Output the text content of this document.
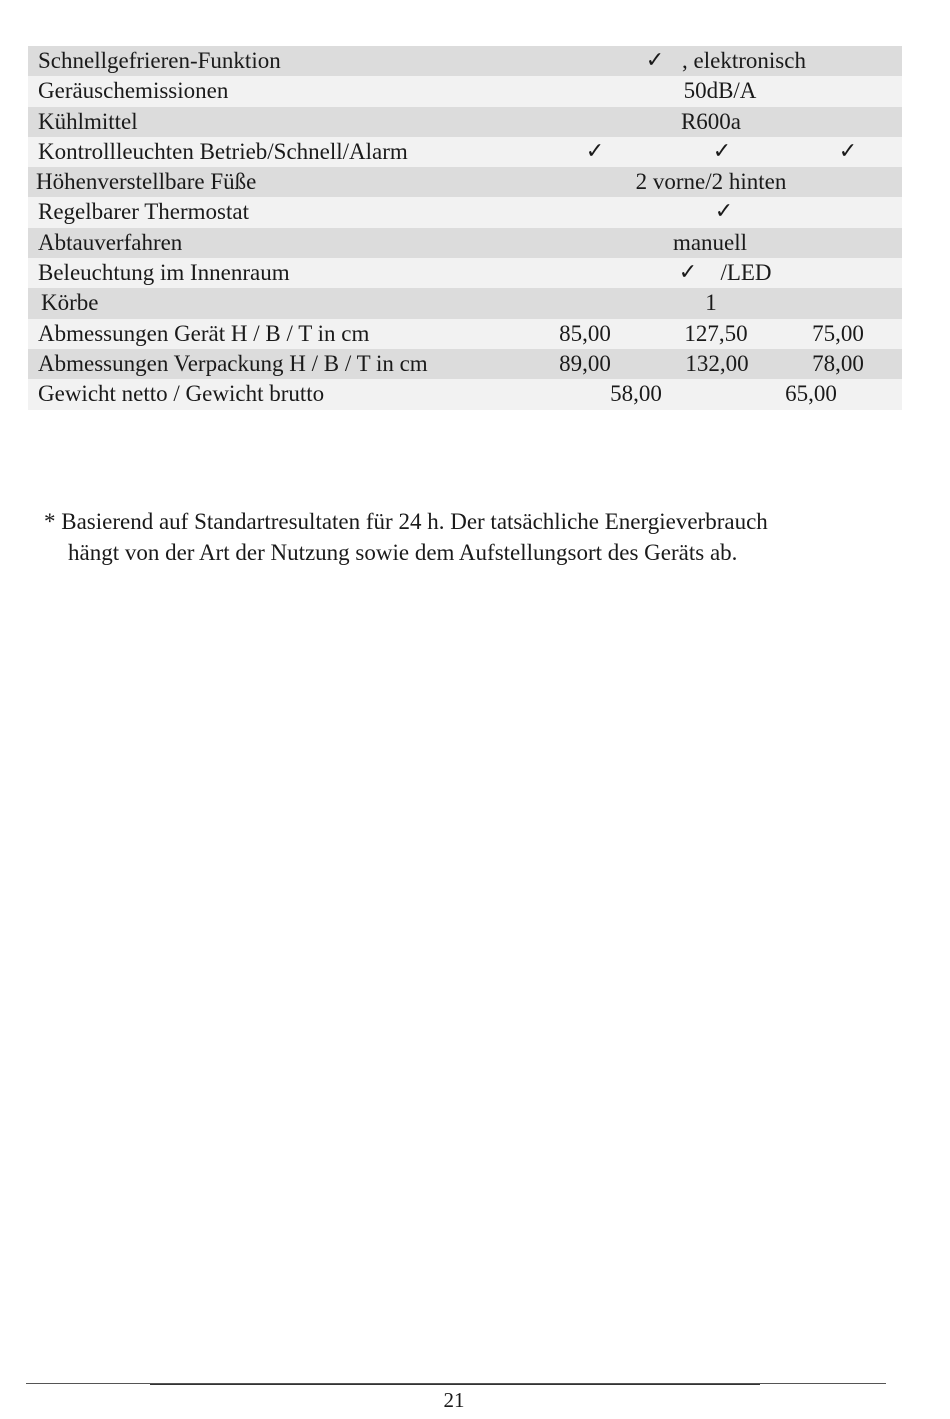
Schnellgefrieren-Funktion	✓ , elektronisch
Geräuschemissionen	50dB/A
Kühlmittel	R600a
Kontrollleuchten Betrieb/Schnell/Alarm	✓	✓	✓
Höhenverstellbare Füße	2 vorne/2 hinten
Regelbarer Thermostat	✓
Abtauverfahren	manuell
Beleuchtung im Innenraum	✓ /LED
Körbe	1
Abmessungen Gerät H / B / T in cm	85,00	127,50	75,00
Abmessungen Verpackung H / B / T in cm	89,00	132,00	78,00
Gewicht netto / Gewicht brutto	58,00	65,00
* Basierend auf Standartresultaten für 24 h. Der tatsächliche Energieverbrauch
hängt von der Art der Nutzung sowie dem Aufstellungsort des Geräts ab.
21
